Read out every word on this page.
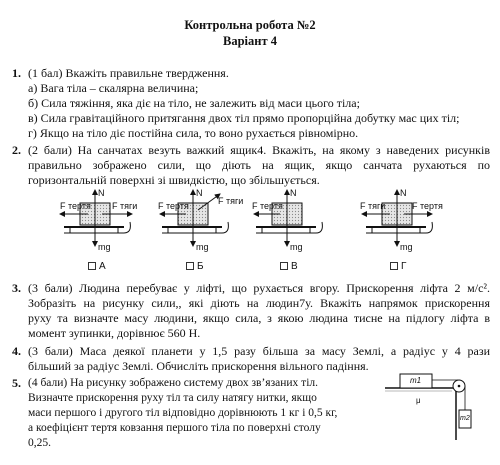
Контрольна робота №2
Варіант 4
1. (1 бал) Вкажіть правильне твердження.
а) Вага тіла – скалярна величина;
б) Сила тяжіння, яка діє на тіло, не залежить від маси цього тіла;
в) Сила гравітаційного притягання двох тіл прямо пропорційна добутку мас цих тіл;
г) Якщо на тіло діє постійна сила, то воно рухається рівномірно.
2. (2 бали) На санчатах везуть важкий ящик4. Вкажіть, на якому з наведених рисунків
правильно зображено сили, що діють на ящик, якщо санчата рухаються по
горизонтальній поверхні зі швидкістю, що збільшується.
F тертя F тяги
N
mg
А
F тертя	F тяги
N
mg
Б
F тертя
N
mg
В
F тяги	F тертя
N
mg
Г
3. (3 бали) Людина перебуває у ліфті, що рухається вгору. Прискорення ліфта 2 м/с².
Зобразіть на рисунку сили,, які діють на людин7у. Вкажіть напрямок прискорення
руху та визначте масу людини, якщо сила, з якою людина тисне на підлогу ліфта в
момент зупинки, дорівнює 560 Н.
4. (3 бали) Маса деякої планети у 1,5 разу більша за масу Землі, а радіус у 4 рази
більший за радіус Землі. Обчисліть прискорення вільного падіння.
5. (4 бали) На рисунку зображено систему двох зв’язаних тіл.
Визначте прискорення руху тіл та силу натягу нитки, якщо
маси першого і другого тіл відповідно дорівнюють 1 кг і 0,5 кг,
а коефіцієнт тертя ковзання першого тіла по поверхні столу
0,25.
m1
μ
m2
